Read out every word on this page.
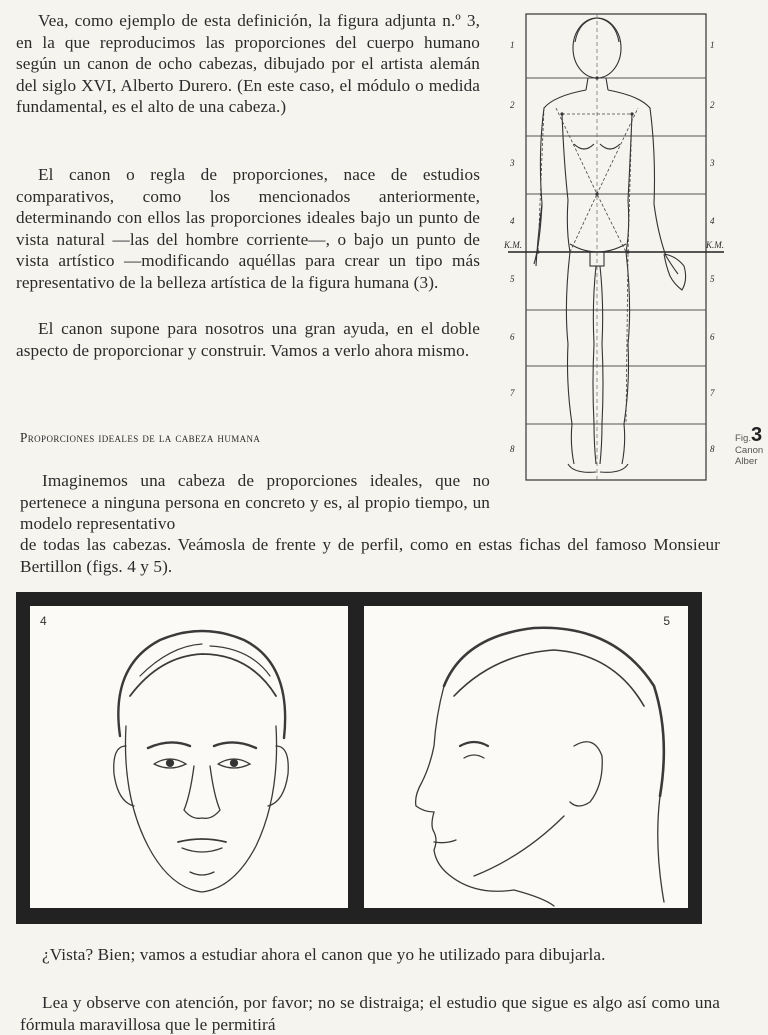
Vea, como ejemplo de esta definición, la figura adjunta n.º 3, en la que reproducimos las proporciones del cuerpo humano según un canon de ocho cabezas, dibujado por el artista alemán del siglo XVI, Alberto Durero. (En este caso, el módulo o medida fundamental, es el alto de una cabeza.)

El canon o regla de proporciones, nace de estudios comparativos, como los mencionados anteriormente, determinando con ellos las proporciones ideales bajo un punto de vista natural —las del hombre corriente—, o bajo un punto de vista artístico —modificando aquéllas para crear un tipo más representativo de la belleza artística de la figura humana (3).

El canon supone para nosotros una gran ayuda, en el doble aspecto de proporcionar y construir. Vamos a verlo ahora mismo.

Proporciones ideales de la cabeza humana

Imaginemos una cabeza de proporciones ideales, que no pertenece a ninguna persona en concreto y es, al propio tiempo, un modelo representativo

de todas las cabezas. Veámosla de frente y de perfil, como en estas fichas del famoso Monsieur Bertillon (figs. 4 y 5).

¿Vista? Bien; vamos a estudiar ahora el canon que yo he utilizado para dibujarla.

Lea y observe con atención, por favor; no se distraiga; el estudio que sigue es algo así como una fórmula maravillosa que le permitirá

1
2
3
4
K.M.
5
6
7
8
1
2
3
4
K.M.
5
6
7
8
Fig.3
Canon
Alber
4	5
